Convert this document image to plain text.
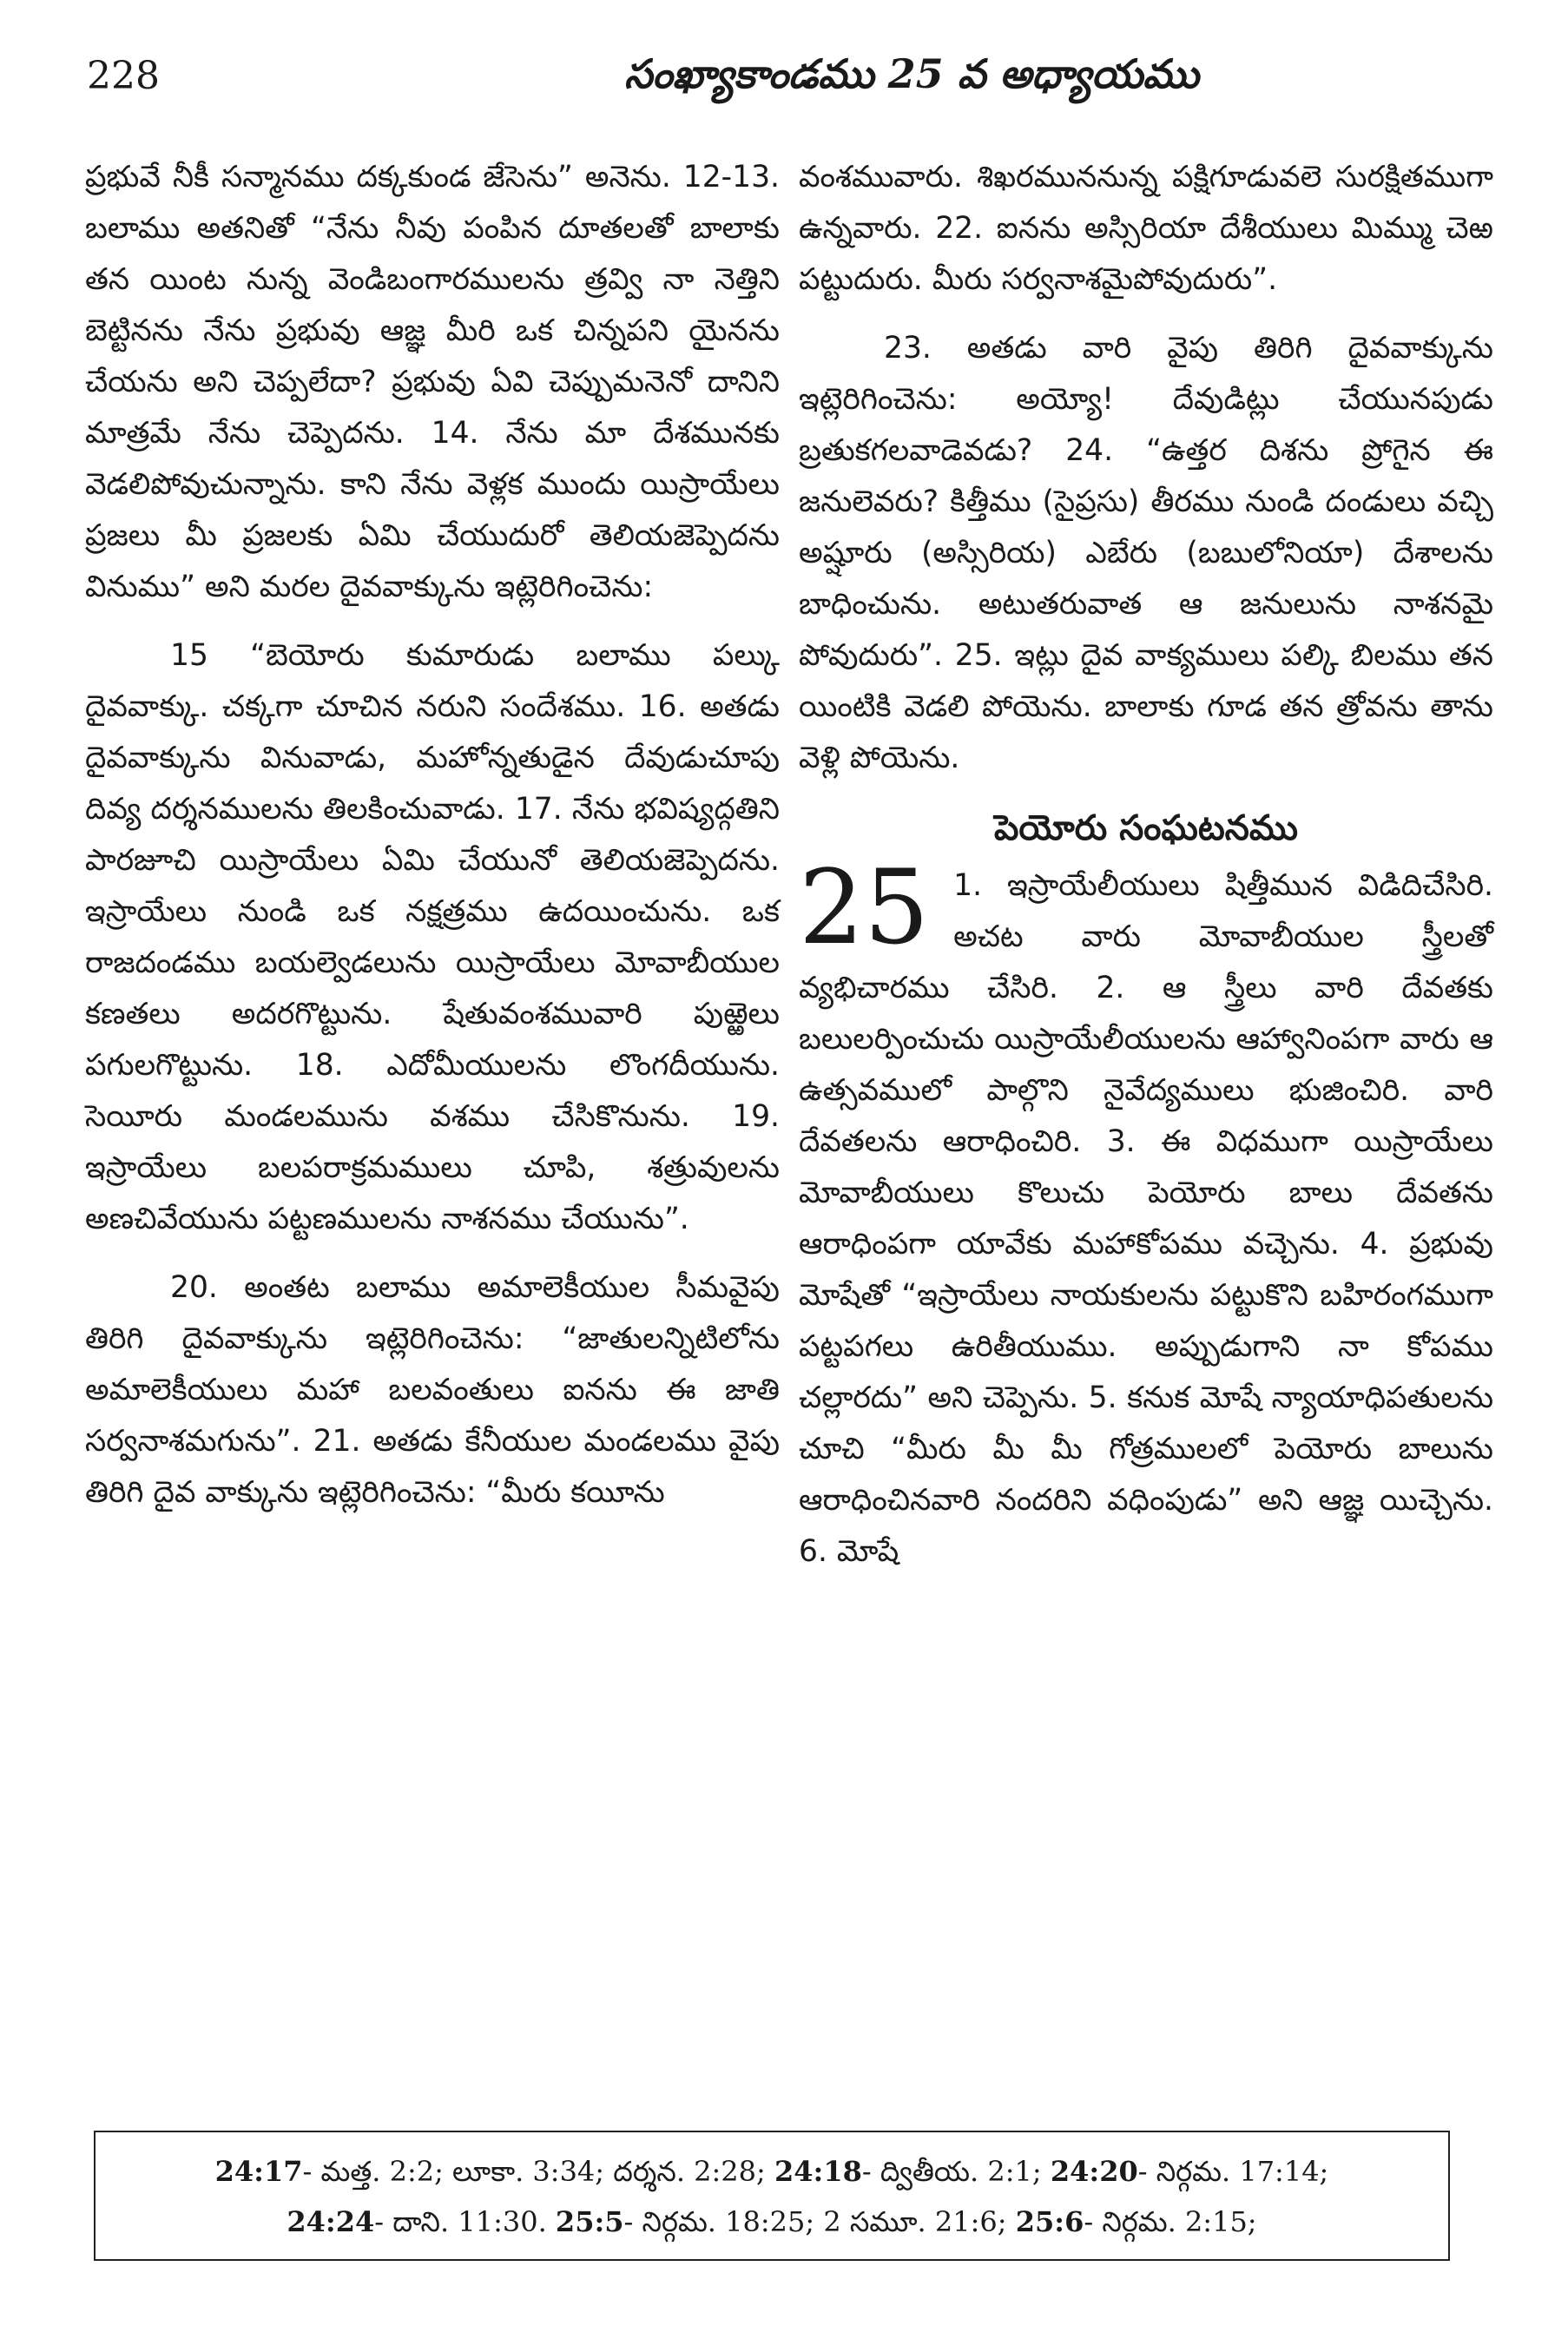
228	సంఖ్యాకాండము 25 వ అధ్యాయము

ప్రభువే నీకీ సన్మానము దక్కకుండ జేసెను” అనెను. 12-13. బలాము అతనితో “నేను నీవు పంపిన దూతలతో బాలాకు తన యింట నున్న వెండిబంగారములను త్రవ్వి నా నెత్తిని బెట్టినను నేను ప్రభువు ఆజ్ఞ మీరి ఒక చిన్నపని యైనను చేయను అని చెప్పలేదా? ప్రభువు ఏవి చెప్పుమనెనో దానిని మాత్రమే నేను చెప్పెదను. 14. నేను మా దేశమునకు వెడలిపోవుచున్నాను. కాని నేను వెళ్లక ముందు యిస్రాయేలు ప్రజలు మీ ప్రజలకు ఏమి చేయుదురో తెలియజెప్పెదను వినుము” అని మరల దైవవాక్కును ఇట్లెరిగించెను:

15 “బెయోరు కుమారుడు బలాము పల్కు దైవవాక్కు. చక్కగా చూచిన నరుని సందేశము. 16. అతడు దైవవాక్కును వినువాడు, మహోన్నతుడైన దేవుడుచూపు దివ్య దర్శనములను తిలకించువాడు. 17. నేను భవిష్యద్గతిని పారజూచి యిస్రాయేలు ఏమి చేయునో తెలియజెప్పెదను. ఇస్రాయేలు నుండి ఒక నక్షత్రము ఉదయించును. ఒక రాజదండము బయల్వెడలును యిస్రాయేలు మోవాబీయుల కణతలు అదరగొట్టును. షేతువంశమువారి పుఱ్ఱెలు పగులగొట్టును. 18. ఎదోమీయులను లొంగదీయును. సెయీరు మండలమును వశము చేసికొనును. 19. ఇస్రాయేలు బలపరాక్రమములు చూపి, శత్రువులను అణచివేయును పట్టణములను నాశనము చేయును”.

20. అంతట బలాము అమాలెకీయుల సీమవైపు తిరిగి దైవవాక్కును ఇట్లెరిగించెను: “జాతులన్నిటిలోను అమాలెకీయులు మహా బలవంతులు ఐనను ఈ జాతి సర్వనాశమగును”. 21. అతడు కేనీయుల మండలము వైపు తిరిగి దైవ వాక్కును ఇట్లెరిగించెను: “మీరు కయీను

వంశమువారు. శిఖరముననున్న పక్షిగూడువలె సురక్షితముగా ఉన్నవారు. 22. ఐనను అస్సిరియా దేశీయులు మిమ్ము చెఱ పట్టుదురు. మీరు సర్వనాశమైపోవుదురు”.

23. అతడు వారి వైపు తిరిగి దైవవాక్కును ఇట్లెరిగించెను: అయ్యో! దేవుడిట్లు చేయునపుడు బ్రతుకగలవాడెవడు? 24. “ఉత్తర దిశను ప్రోగైన ఈ జనులెవరు? కిత్తీము (సైప్రసు) తీరము నుండి దండులు వచ్చి అష్షూరు (అస్సిరియ) ఎబేరు (బబులోనియా) దేశాలను బాధించును. అటుతరువాత ఆ జనులును నాశనమై పోవుదురు”. 25. ఇట్లు దైవ వాక్యములు పల్కి బిలము తన యింటికి వెడలి పోయెను. బాలాకు గూడ తన త్రోవను తాను వెళ్లి పోయెను.

పెయోరు సంఘటనము

25 1. ఇస్రాయేలీయులు షిత్తీమున విడిదిచేసిరి. అచట వారు మోవాబీయుల స్త్రీలతో వ్యభిచారము చేసిరి. 2. ఆ స్త్రీలు వారి దేవతకు బలులర్పించుచు యిస్రాయేలీయులను ఆహ్వానింపగా వారు ఆ ఉత్సవములో పాల్గొని నైవేద్యములు భుజించిరి. వారి దేవతలను ఆరాధించిరి. 3. ఈ విధముగా యిస్రాయేలు మోవాబీయులు కొలుచు పెయోరు బాలు దేవతను ఆరాధింపగా యావేకు మహాకోపము వచ్చెను. 4. ప్రభువు మోషేతో “ఇస్రాయేలు నాయకులను పట్టుకొని బహిరంగముగా పట్టపగలు ఉరితీయుము. అప్పుడుగాని నా కోపము చల్లారదు” అని చెప్పెను. 5. కనుక మోషే న్యాయాధిపతులను చూచి “మీరు మీ మీ గోత్రములలో పెయోరు బాలును ఆరాధించినవారి నందరిని వధింపుడు” అని ఆజ్ఞ యిచ్చెను. 6. మోషే

24:17- మత్త. 2:2; లూకా. 3:34; దర్శన. 2:28; 24:18- ద్వితీయ. 2:1; 24:20- నిర్గమ. 17:14;
24:24- దాని. 11:30. 25:5- నిర్గమ. 18:25; 2 సమూ. 21:6; 25:6- నిర్గమ. 2:15;
